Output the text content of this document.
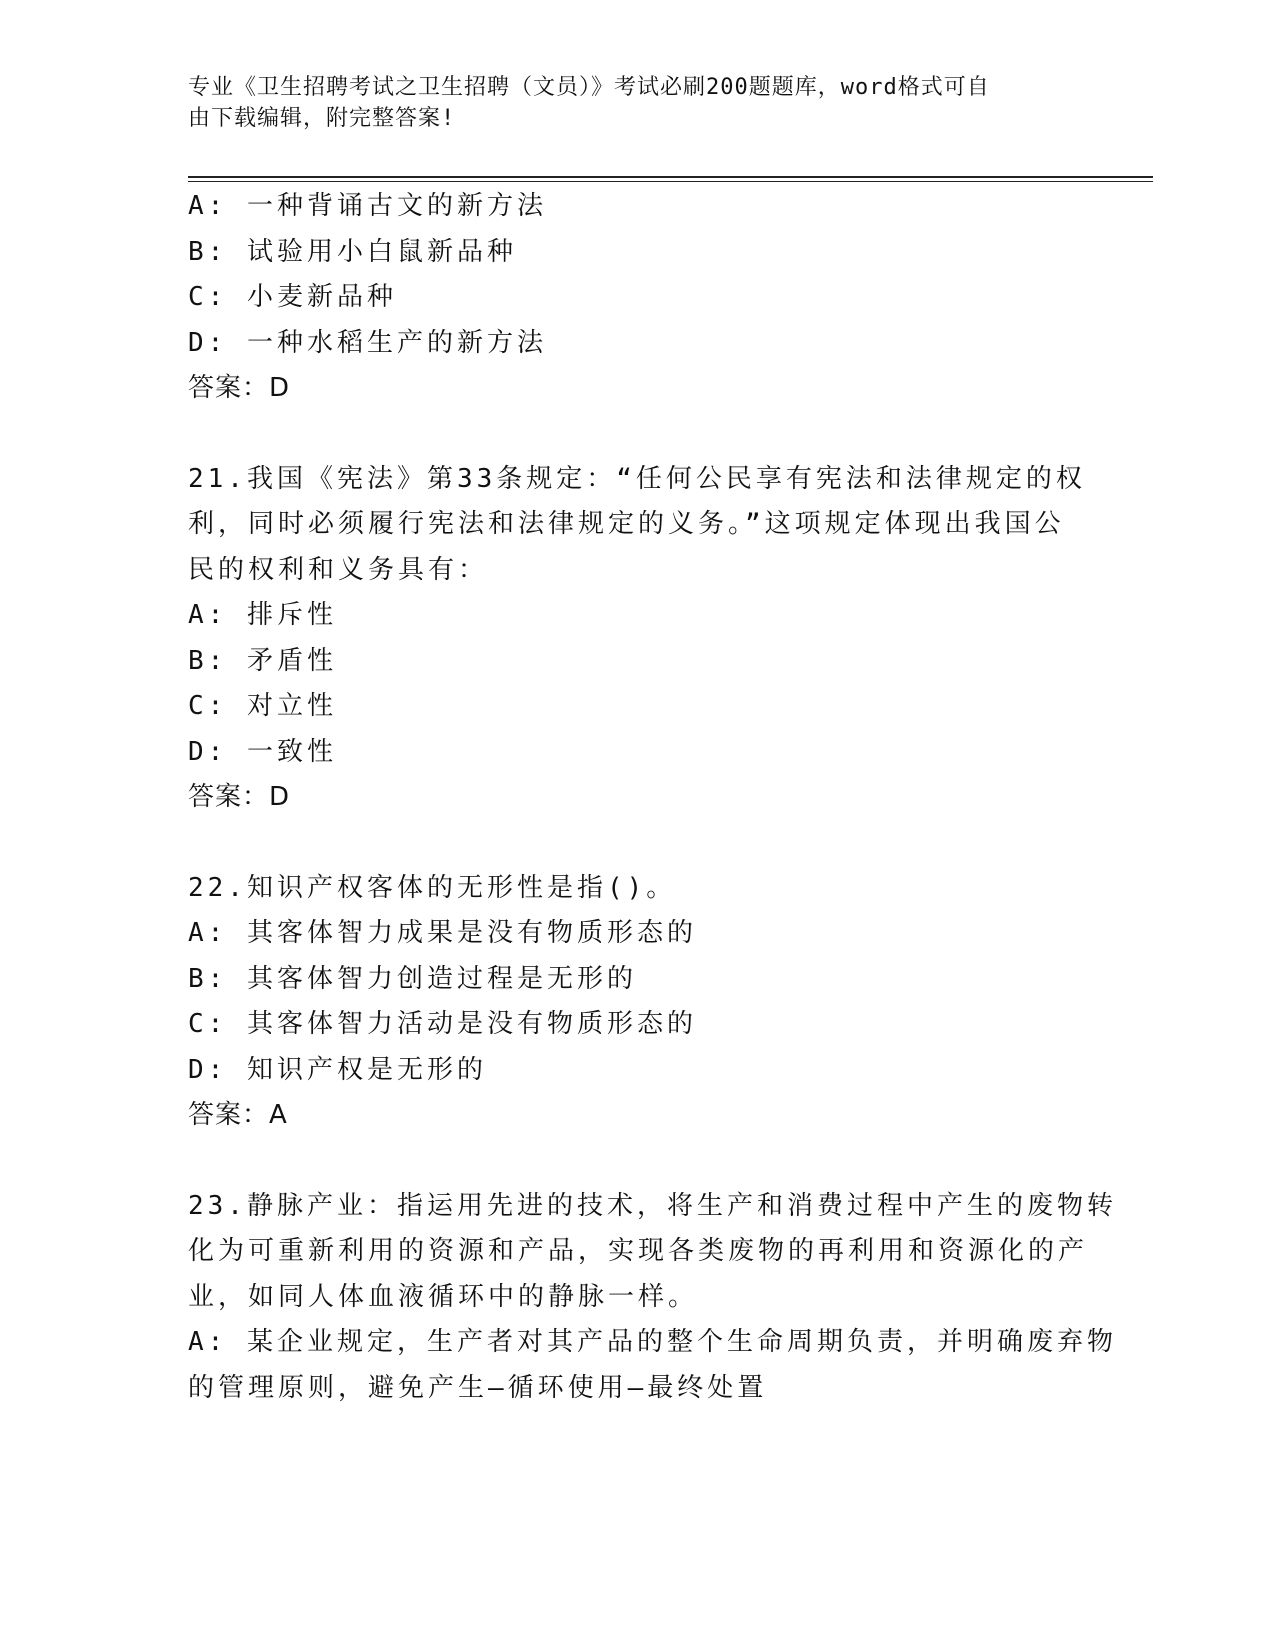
专业《卫生招聘考试之卫生招聘（文员）》考试必刷200题题库，word格式可自
由下载编辑，附完整答案!
A: 一种背诵古文的新方法
B: 试验用小白鼠新品种
C: 小麦新品种
D: 一种水稻生产的新方法
答案：D
21.我国《宪法》第33条规定：“任何公民享有宪法和法律规定的权
利，同时必须履行宪法和法律规定的义务。”这项规定体现出我国公
民的权利和义务具有：
A: 排斥性
B: 矛盾性
C: 对立性
D: 一致性
答案：D
22.知识产权客体的无形性是指()。
A: 其客体智力成果是没有物质形态的
B: 其客体智力创造过程是无形的
C: 其客体智力活动是没有物质形态的
D: 知识产权是无形的
答案：A
23.静脉产业：指运用先进的技术，将生产和消费过程中产生的废物转
化为可重新利用的资源和产品，实现各类废物的再利用和资源化的产
业，如同人体血液循环中的静脉一样。
A: 某企业规定，生产者对其产品的整个生命周期负责，并明确废弃物
的管理原则，避免产生—循环使用—最终处置
